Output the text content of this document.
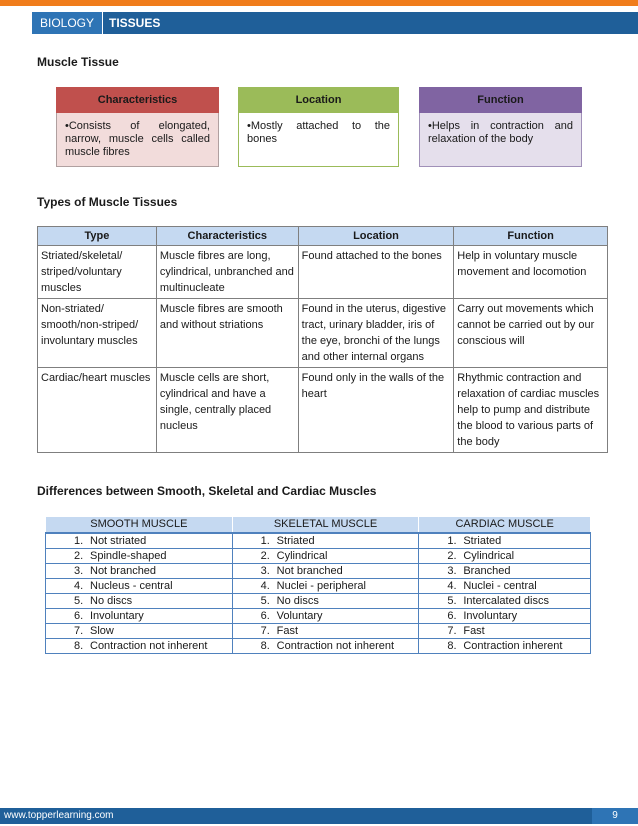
BIOLOGY	TISSUES
Muscle Tissue
Characteristics
•Consists of elongated, narrow, muscle cells called muscle fibres
Location
•Mostly attached to the bones
Function
•Helps in contraction and relaxation of the body
Types of Muscle Tissues
Type	Characteristics	Location	Function
Striated/skeletal/ striped/voluntary muscles	Muscle fibres are long, cylindrical, unbranched and multinucleate	Found attached to the bones	Help in voluntary muscle movement and locomotion
Non-striated/ smooth/non-striped/ involuntary muscles	Muscle fibres are smooth and without striations	Found in the uterus, digestive tract, urinary bladder, iris of the eye, bronchi of the lungs and other internal organs	Carry out movements which cannot be carried out by our conscious will
Cardiac/heart muscles	Muscle cells are short, cylindrical and have a single, centrally placed nucleus	Found only in the walls of the heart	Rhythmic contraction and relaxation of cardiac muscles help to pump and distribute the blood to various parts of the body
Differences between Smooth, Skeletal and Cardiac Muscles
SMOOTH MUSCLE	SKELETAL MUSCLE	CARDIAC MUSCLE
1. Not striated	1. Striated	1. Striated
2. Spindle-shaped	2. Cylindrical	2. Cylindrical
3. Not branched	3. Not branched	3. Branched
4. Nucleus - central	4. Nuclei - peripheral	4. Nuclei - central
5. No discs	5. No discs	5. Intercalated discs
6. Involuntary	6. Voluntary	6. Involuntary
7. Slow	7. Fast	7. Fast
8. Contraction not inherent	8. Contraction not inherent	8. Contraction inherent
www.topperlearning.com	9
